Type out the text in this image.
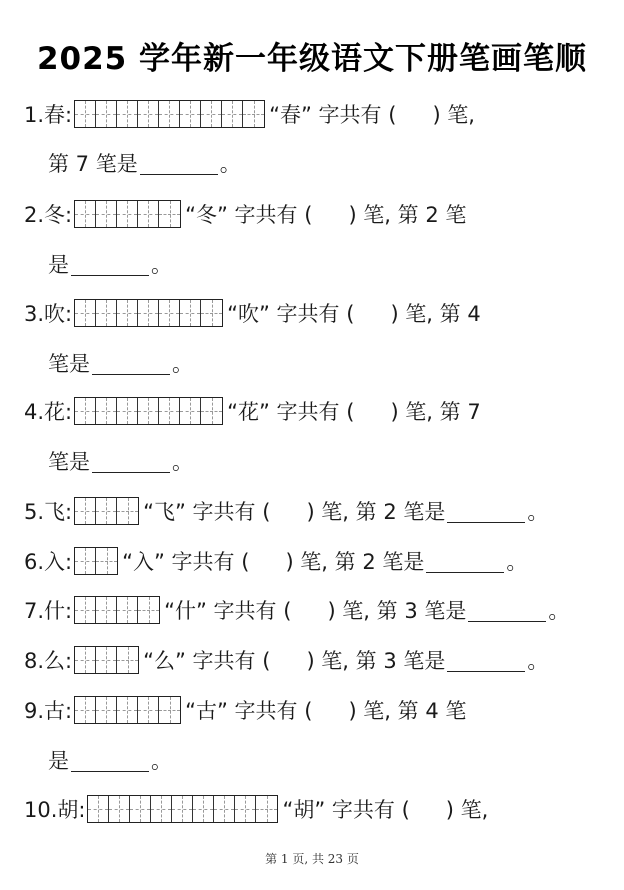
2025 学年新一年级语文下册笔画笔顺
1.春:	“春” 字共有 ( ) 笔,
第 7 笔是	。
2.冬:	“冬” 字共有 ( ) 笔, 第 2 笔
是	。
3.吹:	“吹” 字共有 ( ) 笔, 第 4
笔是	。
4.花:	“花” 字共有 ( ) 笔, 第 7
笔是	。
5.飞:	“飞” 字共有 ( ) 笔, 第 2 笔是	。
6.入: “入” 字共有 ( ) 笔, 第 2 笔是	。
7.什:	“什” 字共有 ( ) 笔, 第 3 笔是	。
8.么:	“么” 字共有 ( ) 笔, 第 3 笔是	。
9.古:	“古” 字共有 ( ) 笔, 第 4 笔
是	。
10.胡:	“胡” 字共有 ( ) 笔,
第 1 页, 共 23 页
